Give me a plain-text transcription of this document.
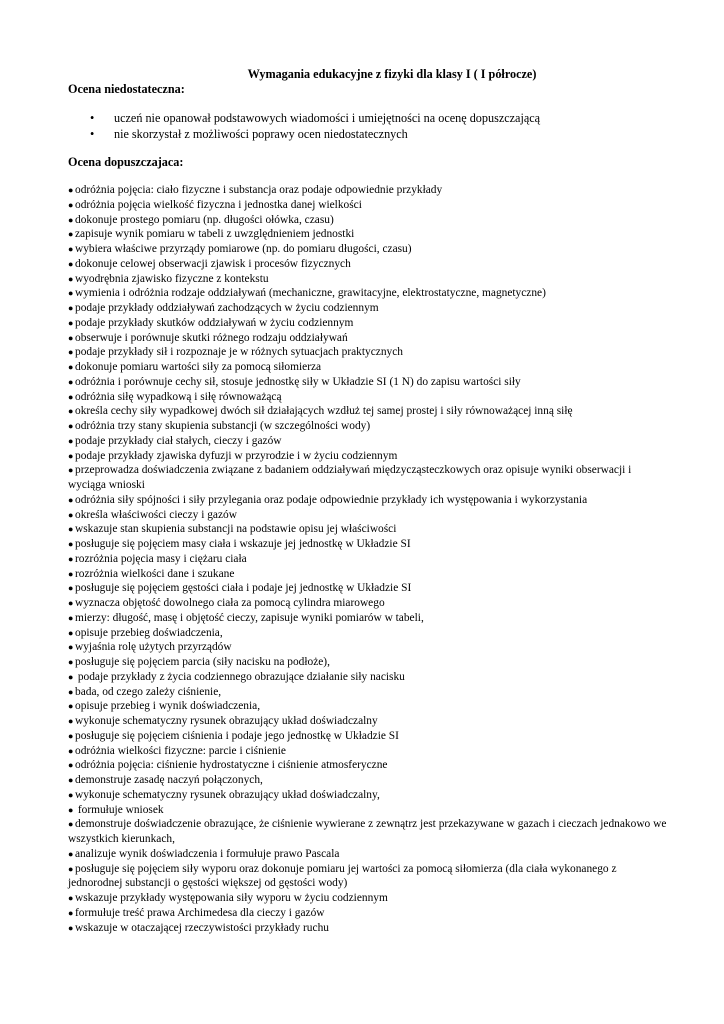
Wymagania edukacyjne z fizyki dla klasy I ( I półrocze)
Ocena niedostateczna:
• uczeń nie opanował podstawowych wiadomości i umiejętności na ocenę dopuszczającą
• nie skorzystał z możliwości poprawy ocen niedostatecznych
Ocena dopuszczajaca:
● odróżnia pojęcia: ciało fizyczne i substancja oraz podaje odpowiednie przykłady
● odróżnia pojęcia wielkość fizyczna i jednostka danej wielkości
● dokonuje prostego pomiaru (np. długości ołówka, czasu)
● zapisuje wynik pomiaru w tabeli z uwzględnieniem jednostki
● wybiera właściwe przyrządy pomiarowe (np. do pomiaru długości, czasu)
● dokonuje celowej obserwacji zjawisk i procesów fizycznych
● wyodrębnia zjawisko fizyczne z kontekstu
● wymienia i odróżnia rodzaje oddziaływań (mechaniczne, grawitacyjne, elektrostatyczne, magnetyczne)
● podaje przykłady oddziaływań zachodzących w życiu codziennym
● podaje przykłady skutków oddziaływań w życiu codziennym
● obserwuje i porównuje skutki różnego rodzaju oddziaływań
● podaje przykłady sił i rozpoznaje je w różnych sytuacjach praktycznych
● dokonuje pomiaru wartości siły za pomocą siłomierza
● odróżnia i porównuje cechy sił, stosuje jednostkę siły w Układzie SI (1 N) do zapisu wartości siły
● odróżnia siłę wypadkową i siłę równoważącą
● określa cechy siły wypadkowej dwóch sił działających wzdłuż tej samej prostej i siły równoważącej inną siłę
● odróżnia trzy stany skupienia substancji (w szczególności wody)
● podaje przykłady ciał stałych, cieczy i gazów
● podaje przykłady zjawiska dyfuzji w przyrodzie i w życiu codziennym
● przeprowadza doświadczenia związane z badaniem oddziaływań międzycząsteczkowych oraz opisuje wyniki obserwacji i wyciąga wnioski
● odróżnia siły spójności i siły przylegania oraz podaje odpowiednie przykłady ich występowania i wykorzystania
● określa właściwości cieczy i gazów
● wskazuje stan skupienia substancji na podstawie opisu jej właściwości
● posługuje się pojęciem masy ciała i wskazuje jej jednostkę w Układzie SI
● rozróżnia pojęcia masy i ciężaru ciała
● rozróżnia wielkości dane i szukane
● posługuje się pojęciem gęstości ciała i podaje jej jednostkę w Układzie SI
● wyznacza objętość dowolnego ciała za pomocą cylindra miarowego
● mierzy: długość, masę i objętość cieczy, zapisuje wyniki pomiarów w tabeli,
● opisuje przebieg doświadczenia,
● wyjaśnia rolę użytych przyrządów
● posługuje się pojęciem parcia (siły nacisku na podłoże),
● podaje przykłady z życia codziennego obrazujące działanie siły nacisku
● bada, od czego zależy ciśnienie,
● opisuje przebieg i wynik doświadczenia,
● wykonuje schematyczny rysunek obrazujący układ doświadczalny
● posługuje się pojęciem ciśnienia i podaje jego jednostkę w Układzie SI
● odróżnia wielkości fizyczne: parcie i ciśnienie
● odróżnia pojęcia: ciśnienie hydrostatyczne i ciśnienie atmosferyczne
● demonstruje zasadę naczyń połączonych,
● wykonuje schematyczny rysunek obrazujący układ doświadczalny,
● formułuje wniosek
● demonstruje doświadczenie obrazujące, że ciśnienie wywierane z zewnątrz jest przekazywane w gazach i cieczach jednakowo we wszystkich kierunkach,
● analizuje wynik doświadczenia i formułuje prawo Pascala
● posługuje się pojęciem siły wyporu oraz dokonuje pomiaru jej wartości za pomocą siłomierza (dla ciała wykonanego z jednorodnej substancji o gęstości większej od gęstości wody)
● wskazuje przykłady występowania siły wyporu w życiu codziennym
● formułuje treść prawa Archimedesa dla cieczy i gazów
● wskazuje w otaczającej rzeczywistości przykłady ruchu
